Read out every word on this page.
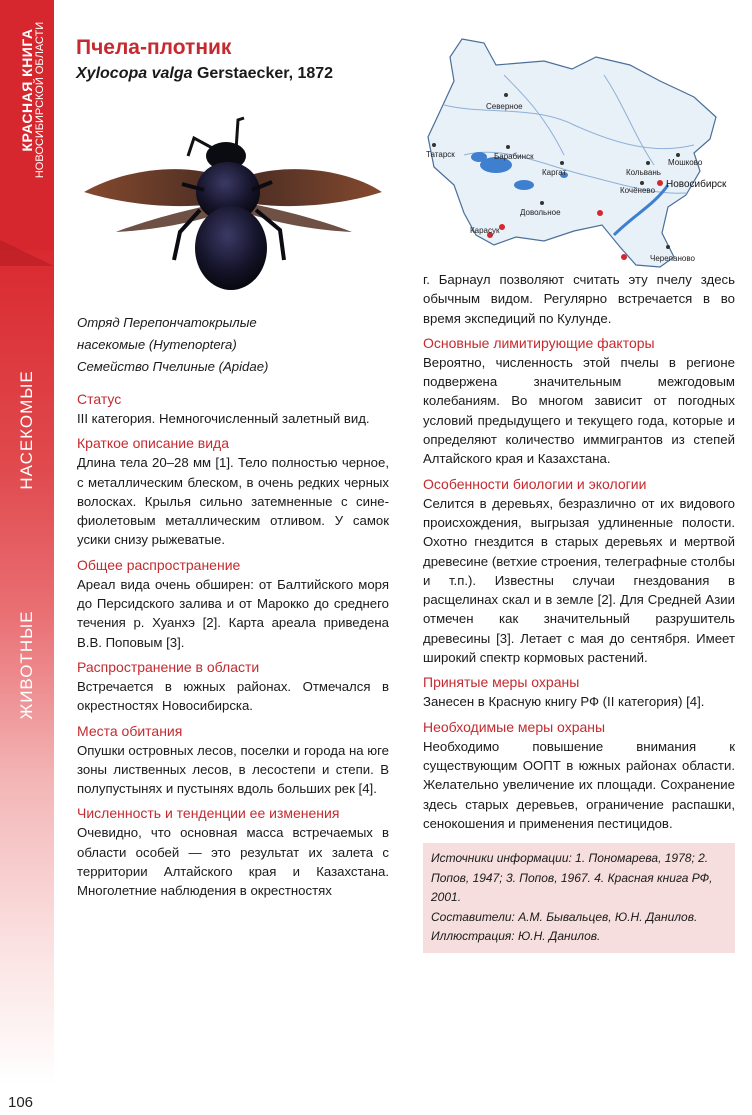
КРАСНАЯ КНИГА НОВОСИБИРСКОЙ ОБЛАСТИ
НАСЕКОМЫЕ
ЖИВОТНЫЕ
106
Пчела-плотник
Xylocopa valga Gerstaecker, 1872
Северное
Татарск	Барабинск
Каргат	Кольвань
Мошково
Новосибирск
Кочёнево
Довольное
Карасук
Черепаново

Отряд Перепончатокрылые

насекомые (Hymenoptera)

Семейство Пчелиные (Apidae)

Статус

III категория. Немногочисленный залетный вид.

Краткое описание вида

Длина тела 20–28 мм [1]. Тело полностью черное, с металлическим блеском, в очень редких черных волосках. Крылья сильно затемненные с сине-фиолетовым металлическим отливом. У самок усики снизу рыжеватые.

Общее распространение

Ареал вида очень обширен: от Балтийского моря до Персидского залива и от Марокко до среднего течения р. Хуанхэ [2]. Карта ареала приведена В.В. Поповым [3].

Распространение в области

Встречается в южных районах. Отмечался в окрестностях Новосибирска.

Места обитания

Опушки островных лесов, поселки и города на юге зоны лиственных лесов, в лесостепи и степи. В полупустынях и пустынях вдоль больших рек [4].

Численность и тенденции ее изменения

Очевидно, что основная масса встречаемых в области особей — это результат их залета с территории Алтайского края и Казахстана. Многолетние наблюдения в окрестностях

г. Барнаул позволяют считать эту пчелу здесь обычным видом. Регулярно встречается в во время экспедиций по Кулунде.

Основные лимитирующие факторы

Вероятно, численность этой пчелы в регионе подвержена значительным межгодовым колебаниям. Во многом зависит от погодных условий предыдущего и текущего года, которые и определяют количество иммигрантов из степей Алтайского края и Казахстана.

Особенности биологии и экологии

Селится в деревьях, безразлично от их видового происхождения, выгрызая удлиненные полости. Охотно гнездится в старых деревьях и мертвой древесине (ветхие строения, телеграфные столбы и т.п.). Известны случаи гнездования в расщелинах скал и в земле [2]. Для Средней Азии отмечен как значительный разрушитель древесины [3]. Летает с мая до сентября. Имеет широкий спектр кормовых растений.

Принятые меры охраны

Занесен в Красную книгу РФ (II категория) [4].

Необходимые меры охраны

Необходимо повышение внимания к существующим ООПТ в южных районах области. Желательно увеличение их площади. Сохранение здесь старых деревьев, ограничение распашки, сенокошения и применения пестицидов.

Источники информации: 1. Пономарева, 1978; 2. Попов, 1947; 3. Попов, 1967. 4. Красная книга РФ, 2001.
Составители: А.М. Бывальцев, Ю.Н. Данилов.
Иллюстрация: Ю.Н. Данилов.
